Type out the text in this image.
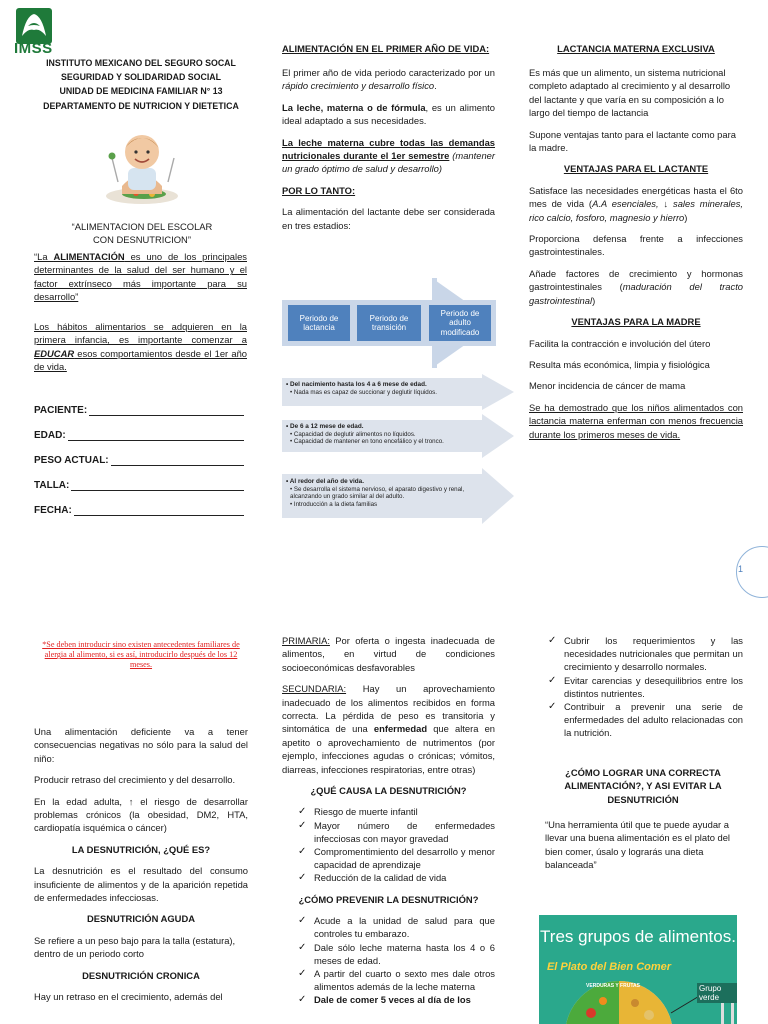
IMSS
INSTITUTO MEXICANO DEL SEGURO SOCAL
SEGURIDAD Y SOLIDARIDAD SOCIAL
UNIDAD DE MEDICINA FAMILIAR N° 13
DEPARTAMENTO DE NUTRICION Y DIETETICA
“ALIMENTACION DEL ESCOLAR CON DESNUTRICION”

“La ALIMENTACIÓN es uno de los principales determinantes de la salud del ser humano y el factor extrínseco más importante para su desarrollo”

Los hábitos alimentarios se adquieren en la primera infancia, es importante comenzar a EDUCAR esos comportamientos desde el 1er año de vida.

PACIENTE:
EDAD:
PESO ACTUAL:
TALLA:
FECHA:
ALIMENTACIÓN EN EL PRIMER AÑO DE VIDA:

El primer año de vida periodo caracterizado por un rápido crecimiento y desarrollo físico.

La leche, materna o de fórmula, es un alimento ideal adaptado a sus necesidades.

La leche materna cubre todas las demandas nutricionales durante el 1er semestre (mantener un grado óptimo de salud y desarrollo)

POR LO TANTO:

La alimentación del lactante debe ser considerada en tres estadios:

Periodo de lactancia
Periodo de transición
Periodo de adulto modificado
• Del nacimiento hasta los 4 a 6 mese de edad.
• Nada mas es capaz de succionar y deglutir líquidos.
• De 6 a 12 mese de edad.
• Capacidad de deglutir alimentos no líquidos.
• Capacidad de mantener en tono encefálico y el tronco.
• Al redor del año de vida.
• Se desarrolla el sistema nervioso, el aparato digestivo y renal, alcanzando un grado similar al del adulto.
• Introducción a la dieta familias
LACTANCIA MATERNA EXCLUSIVA

Es más que un alimento, un sistema nutricional completo adaptado al crecimiento y al desarrollo del lactante y que varía en su composición a lo largo del tiempo de lactancia

Supone ventajas tanto para el lactante como para la madre.

VENTAJAS PARA EL LACTANTE

Satisface las necesidades energéticas hasta el 6to mes de vida (A.A esenciales, ↓ sales minerales, rico calcio, fosforo, magnesio y hierro)

Proporciona defensa frente a infecciones gastrointestinales.

Añade factores de crecimiento y hormonas gastrointestinales (maduración del tracto gastrointestinal)

VENTAJAS PARA LA MADRE

Facilita la contracción e involución del útero

Resulta más económica, limpia y fisiológica

Menor incidencia de cáncer de mama

Se ha demostrado que los niños alimentados con lactancia materna enferman con menos frecuencia durante los primeros meses de vida.

1

*Se deben introducir sino existen antecedentes familiares de alergia al alimento, si es así, introducirlo después de los 12 meses.

Una alimentación deficiente va a tener consecuencias negativas no sólo para la salud del niño:

Producir retraso del crecimiento y del desarrollo.

En la edad adulta, ↑ el riesgo de desarrollar problemas crónicos (la obesidad, DM2, HTA, cardiopatía isquémica o cáncer)

LA DESNUTRICIÓN, ¿QUÉ ES?

La desnutrición es el resultado del consumo insuficiente de alimentos y de la aparición repetida de enfermedades infecciosas.

DESNUTRICIÓN AGUDA

Se refiere a un peso bajo para la talla (estatura), dentro de un periodo corto

DESNUTRICIÓN CRONICA

Hay un retraso en el crecimiento, además del

PRIMARIA: Por oferta o ingesta inadecuada de alimentos, en virtud de condiciones socioeconómicas desfavorables

SECUNDARIA: Hay un aprovechamiento inadecuado de los alimentos recibidos en forma correcta. La pérdida de peso es transitoria y sintomática de una enfermedad que altera en apetito o aprovechamiento de nutrimentos (por ejemplo, infecciones agudas o crónicas; vómitos, diarreas, infecciones respiratorias, entre otras)

¿QUÉ CAUSA LA DESNUTRICIÓN?

✓ Riesgo de muerte infantil
✓ Mayor número de enfermedades infecciosas con mayor gravedad
✓ Compromentimiento del desarrollo y menor capacidad de aprendizaje
✓ Reducción de la calidad de vida

¿CÓMO PREVENIR LA DESNUTRICIÓN?

✓ Acude a la unidad de salud para que controles tu embarazo.
✓ Dale sólo leche materna hasta los 4 o 6 meses de edad.
✓ A partir del cuarto o sexto mes dale otros alimentos además de la leche materna
✓ Dale de comer 5 veces al día de los
✓ Cubrir los requerimientos y las necesidades nutricionales que permitan un crecimiento y desarrollo normales.
✓ Evitar carencias y desequilibrios entre los distintos nutrientes.
✓ Contribuir a prevenir una serie de enfermedades del adulto relacionadas con la nutrición.

¿CÓMO LOGRAR UNA CORRECTA ALIMENTACIÓN?, Y ASI EVITAR LA DESNUTRICIÓN

“Una herramienta útil que te puede ayudar a llevar una buena alimentación es el plato del bien comer, úsalo y lograrás una dieta balanceada”

Tres grupos de alimentos.
El Plato del Bien Comer
VERDURAS Y FRUTAS	Grupo verde
